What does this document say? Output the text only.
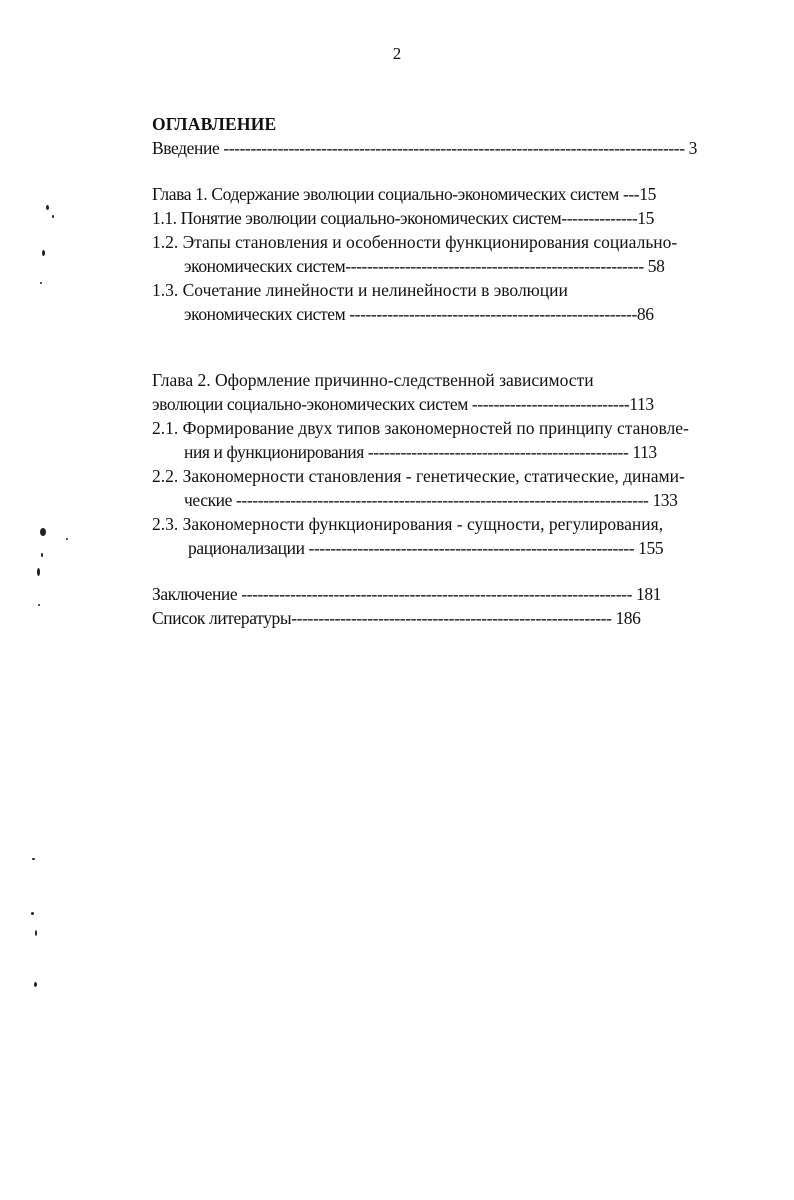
2
ОГЛАВЛЕНИЕ
Введение ------------------------------------------------------------------------------------- 3
Глава 1. Содержание эволюции социально-экономических систем ---15
1.1. Понятие эволюции социально-экономических систем--------------15
1.2. Этапы становления и особенности функционирования социально-
экономических систем------------------------------------------------------- 58
1.3. Сочетание линейности и нелинейности в эволюции
экономических систем -----------------------------------------------------86
Глава 2. Оформление причинно-следственной зависимости
эволюции социально-экономических систем -----------------------------113
2.1. Формирование двух типов закономерностей по принципу становле-
ния и функционирования ------------------------------------------------ 113
2.2. Закономерности становления - генетические, статические, динами-
ческие ---------------------------------------------------------------------------- 133
2.3. Закономерности функционирования - сущности, регулирования,
рационализации ------------------------------------------------------------ 155
Заключение ------------------------------------------------------------------------ 181
Список литературы----------------------------------------------------------- 186
